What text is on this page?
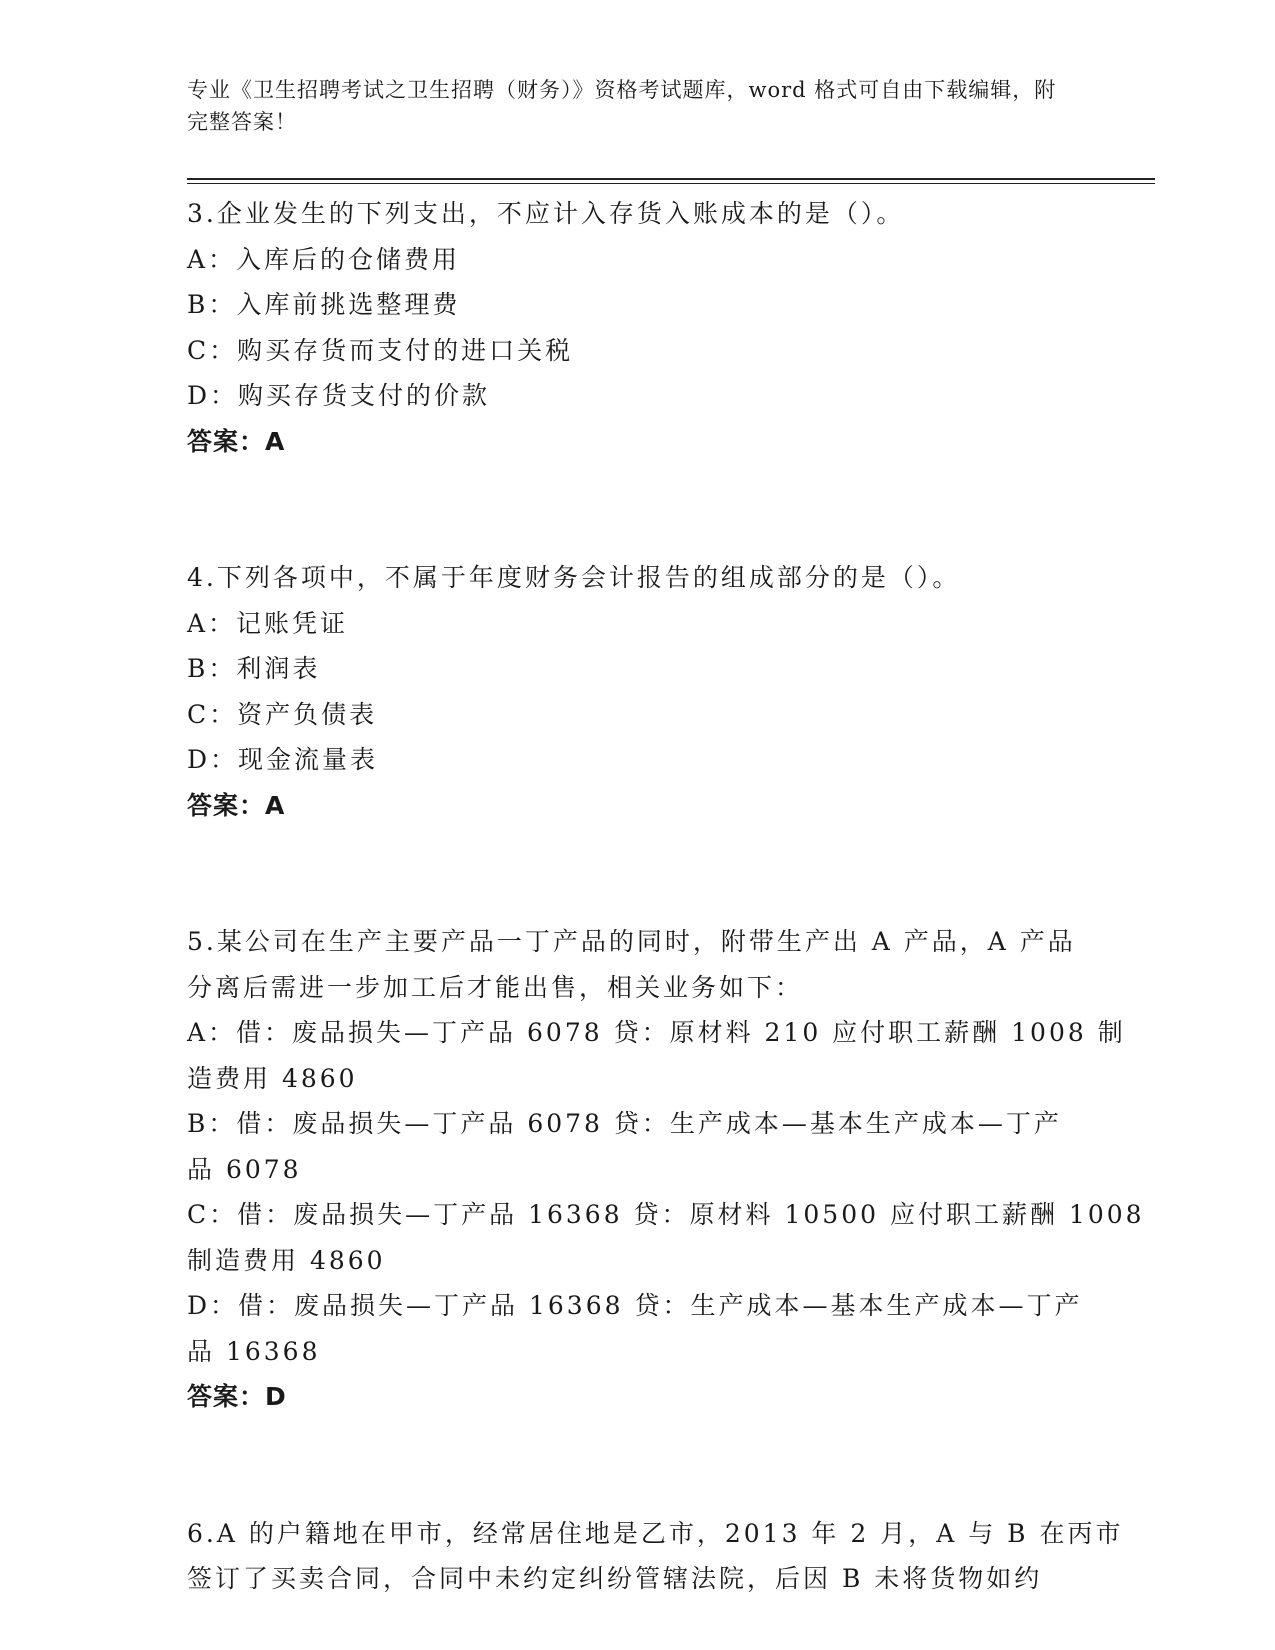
专业《卫生招聘考试之卫生招聘（财务）》资格考试题库，word 格式可自由下载编辑，附完整答案！
3.企业发生的下列支出，不应计入存货入账成本的是（）。
A：入库后的仓储费用
B：入库前挑选整理费
C：购买存货而支付的进口关税
D：购买存货支付的价款
答案：A
4.下列各项中，不属于年度财务会计报告的组成部分的是（）。
A：记账凭证
B：利润表
C：资产负债表
D：现金流量表
答案：A
5.某公司在生产主要产品一丁产品的同时，附带生产出 A 产品，A 产品
分离后需进一步加工后才能出售，相关业务如下：
A：借：废品损失—丁产品 6078 贷：原材料 210 应付职工薪酬 1008 制
造费用 4860
B：借：废品损失—丁产品 6078 贷：生产成本—基本生产成本—丁产
品 6078
C：借：废品损失—丁产品 16368 贷：原材料 10500 应付职工薪酬 1008
制造费用 4860
D：借：废品损失—丁产品 16368 贷：生产成本—基本生产成本—丁产
品 16368
答案：D
6.A 的户籍地在甲市，经常居住地是乙市，2013 年 2 月，A 与 B 在丙市
签订了买卖合同，合同中未约定纠纷管辖法院，后因 B 未将货物如约
